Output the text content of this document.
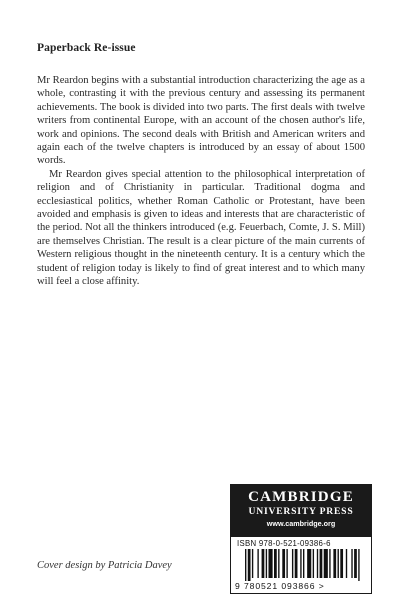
Paperback Re-issue

Mr Reardon begins with a substantial introduction characterizing the age as a whole, contrasting it with the previous century and assessing its permanent achievements. The book is divided into two parts. The first deals with twelve writers from continental Europe, with an account of the chosen author's life, work and opinions. The second deals with British and American writers and again each of the twelve chapters is introduced by an essay of about 1500 words.

Mr Reardon gives special attention to the philosophical interpretation of religion and of Christianity in particular. Traditional dogma and ecclesiastical politics, whether Roman Catholic or Protestant, have been avoided and emphasis is given to ideas and interests that are characteristic of the period. Not all the thinkers introduced (e.g. Feuerbach, Comte, J. S. Mill) are themselves Christian. The result is a clear picture of the main currents of Western religious thought in the nineteenth century. It is a century which the student of religion today is likely to find of great interest and to which many will feel a close affinity.

Cover design by Patricia Davey
CAMBRIDGE
UNIVERSITY PRESS
www.cambridge.org
ISBN 978-0-521-09386-6
9 780521 093866 >
